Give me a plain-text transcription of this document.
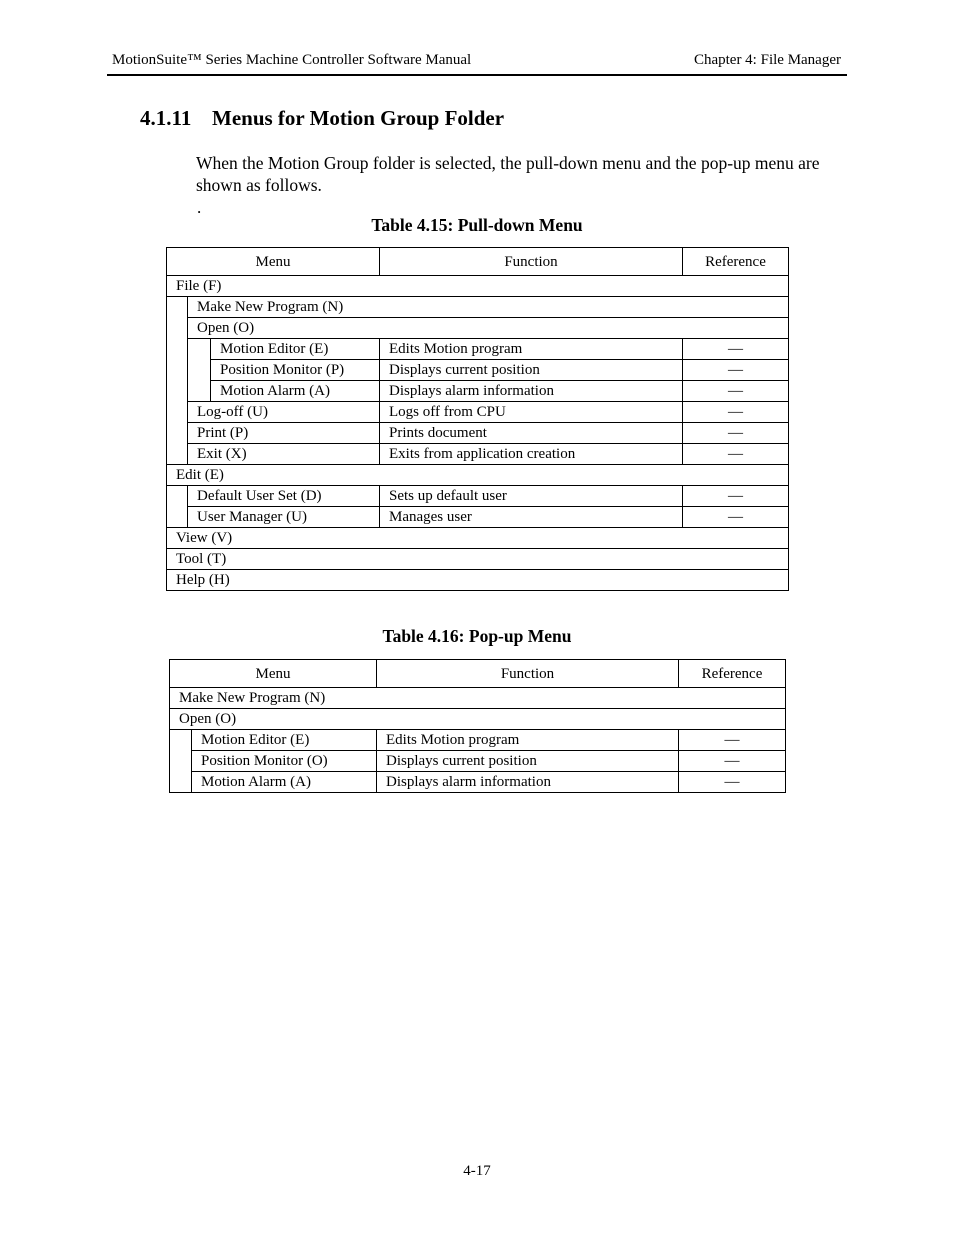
MotionSuite™ Series Machine Controller Software Manual	Chapter 4: File Manager
4.1.11 Menus for Motion Group Folder
When the Motion Group folder is selected, the pull-down menu and the pop-up menu are shown as follows.
.
Table 4.15: Pull-down Menu
Menu			Function	Reference
File (F)				
	Make New Program (N)			
	Open (O)			
		Motion Editor (E)	Edits Motion program	—
		Position Monitor (P)	Displays current position	—
		Motion Alarm (A)	Displays alarm information	—
	Log-off (U)		Logs off from CPU	—
	Print (P)		Prints document	—
	Exit (X)		Exits from application creation	—
Edit (E)				
	Default User Set (D)		Sets up default user	—
	User Manager (U)		Manages user	—
View (V)				
Tool (T)				
Help (H)				
Table 4.16: Pop-up Menu
Menu		Function	Reference
Make New Program (N)			
Open (O)			
	Motion Editor (E)	Edits Motion program	—
	Position Monitor (O)	Displays current position	—
	Motion Alarm (A)	Displays alarm information	—
4-17
